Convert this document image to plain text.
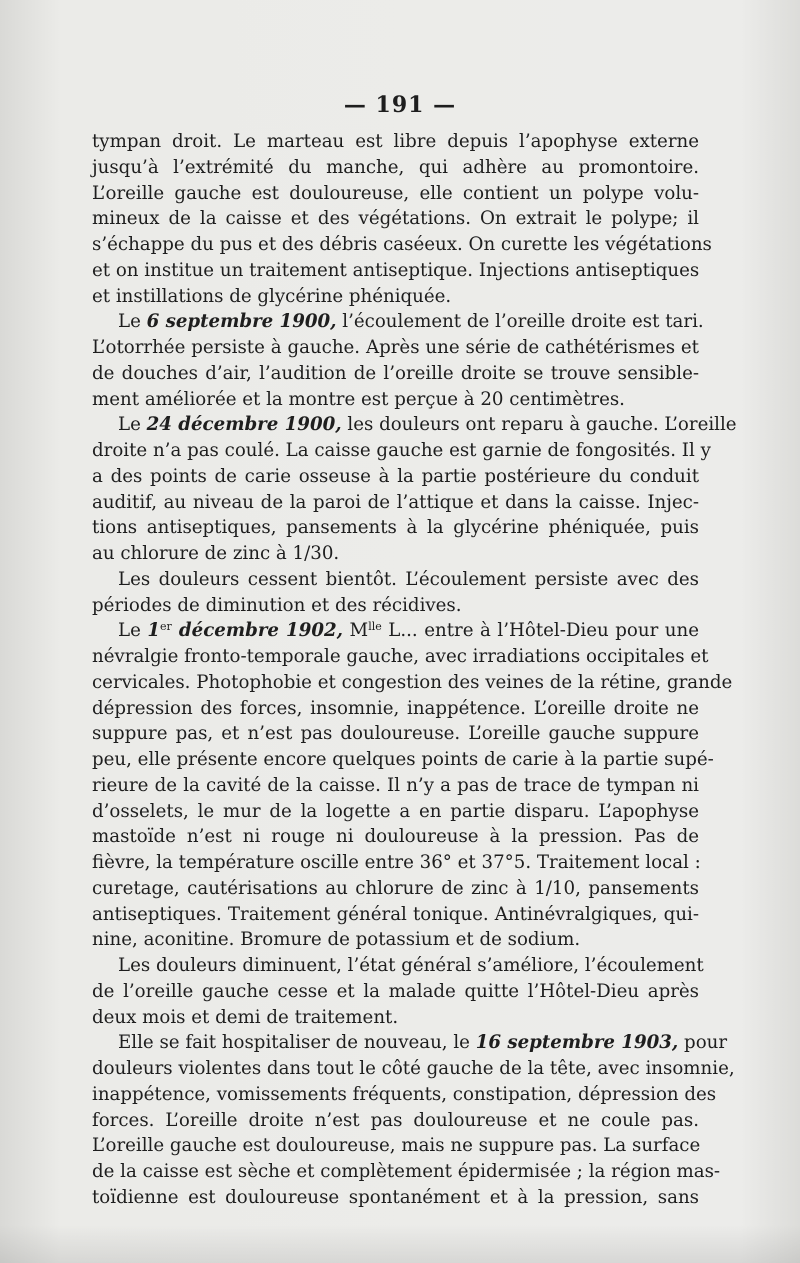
— 191 —
tympan droit. Le marteau est libre depuis l’apophyse externe
jusqu’à l’extrémité du manche, qui adhère au promontoire.
L’oreille gauche est douloureuse, elle contient un polype volu-
mineux de la caisse et des végétations. On extrait le polype; il
s’échappe du pus et des débris caséeux. On curette les végétations
et on institue un traitement antiseptique. Injections antiseptiques
et instillations de glycérine phéniquée.
Le 6 septembre 1900, l’écoulement de l’oreille droite est tari.
L’otorrhée persiste à gauche. Après une série de cathétérismes et
de douches d’air, l’audition de l’oreille droite se trouve sensible-
ment améliorée et la montre est perçue à 20 centimètres.
Le 24 décembre 1900, les douleurs ont reparu à gauche. L’oreille
droite n’a pas coulé. La caisse gauche est garnie de fongosités. Il y
a des points de carie osseuse à la partie postérieure du conduit
auditif, au niveau de la paroi de l’attique et dans la caisse. Injec-
tions antiseptiques, pansements à la glycérine phéniquée, puis
au chlorure de zinc à 1/30.
Les douleurs cessent bientôt. L’écoulement persiste avec des
périodes de diminution et des récidives.
Le 1er décembre 1902, $M^{lle}$ L... entre à l’Hôtel-Dieu pour une
névralgie fronto-temporale gauche, avec irradiations occipitales et
cervicales. Photophobie et congestion des veines de la rétine, grande
dépression des forces, insomnie, inappétence. L’oreille droite ne
suppure pas, et n’est pas douloureuse. L’oreille gauche suppure
peu, elle présente encore quelques points de carie à la partie supé-
rieure de la cavité de la caisse. Il n’y a pas de trace de tympan ni
d’osselets, le mur de la logette a en partie disparu. L’apophyse
mastoïde n’est ni rouge ni douloureuse à la pression. Pas de
fièvre, la température oscille entre 36° et 37°5. Traitement local :
curetage, cautérisations au chlorure de zinc à 1/10, pansements
antiseptiques. Traitement général tonique. Antinévralgiques, qui-
nine, aconitine. Bromure de potassium et de sodium.
Les douleurs diminuent, l’état général s’améliore, l’écoulement
de l’oreille gauche cesse et la malade quitte l’Hôtel-Dieu après
deux mois et demi de traitement.
Elle se fait hospitaliser de nouveau, le 16 septembre 1903, pour
douleurs violentes dans tout le côté gauche de la tête, avec insomnie,
inappétence, vomissements fréquents, constipation, dépression des
forces. L’oreille droite n’est pas douloureuse et ne coule pas.
L’oreille gauche est douloureuse, mais ne suppure pas. La surface
de la caisse est sèche et complètement épidermisée ; la région mas-
toïdienne est douloureuse spontanément et à la pression, sans
